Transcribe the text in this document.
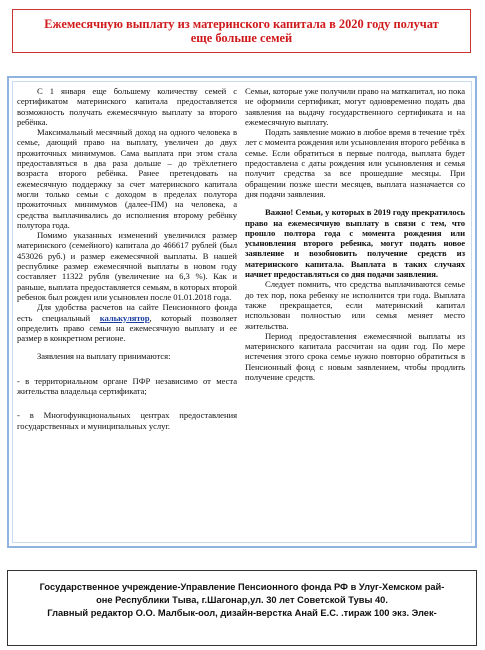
Ежемесячную выплату из материнского капитала в 2020 году получат
еще больше семей

С 1 января еще большему количеству семей с сертификатом материнского капитала предоставляется возможность получать ежемесячную выплату за второго ребёнка.

Максимальный месячный доход на одного человека в семье, дающий право на выплату, увеличен до двух прожиточных минимумов. Сама выплата при этом стала предоставляться в два раза дольше – до трёхлетнего возраста второго ребёнка. Ранее претендовать на ежемесячную поддержку за счет материнского капитала могли только семьи с доходом в пределах полутора прожиточных минимумов (далее-ПМ) на человека, а средства выплачивались до исполнения второму ребёнку полутора года.

Помимо указанных изменений увеличился размер материнского (семейного) капитала до 466617 рублей (был 453026 руб.) и размер ежемесячной выплаты. В нашей республике размер ежемесячной выплаты в новом году составляет 11322 рубля (увеличение на 6,3 %). Как и раньше, выплата предоставляется семьям, в которых второй ребенок был рожден или усыновлен после 01.01.2018 года.

Для удобства расчетов на сайте Пенсионного фонда есть специальный калькулятор, который позволяет определить право семьи на ежемесячную выплату и ее размер в конкретном регионе.

Заявления на выплату принимаются:

- в территориальном органе ПФР независимо от места жительства владельца сертификата;

- в Многофункциональных центрах предоставления государственных и муниципальных услуг.

Семьи, которые уже получили право на маткапитал, но пока не оформили сертификат, могут одновременно подать два заявления на выдачу государственного сертификата и на ежемесячную выплату.

Подать заявление можно в любое время в течение трёх лет с момента рождения или усыновления второго ребёнка в семье. Если обратиться в первые полгода, выплата будет предоставлена с даты рождения или усыновления и семья получит средства за все прошедшие месяцы. При обращении позже шести месяцев, выплата назначается со дня подачи заявления.

Важно! Семьи, у которых в 2019 году прекратилось право на ежемесячную выплату в связи с тем, что прошло полтора года с момента рождения или усыновления второго ребенка, могут подать новое заявление и возобновить получение средств из материнского капитала. Выплата в таких случаях начнет предоставляться со дня подачи заявления.

Следует помнить, что средства выплачиваются семье до тех пор, пока ребенку не исполнится три года. Выплата также прекращается, если материнский капитал использован полностью или семья меняет место жительства.

Период предоставления ежемесячной выплаты из материнского капитала рассчитан на один год. По мере истечения этого срока семье нужно повторно обратиться в Пенсионный фонд с новым заявлением, чтобы продлить получение средств.

Государственное учреждение-Управление Пенсионного фонда РФ в Улуг-Хемском рай-
оне Республики Тыва, г.Шагонар,ул. 30 лет Советской Тувы 40.
Главный редактор О.О. Малбык-оол, дизайн-верстка Анай Е.С. .тираж 100 экз. Элек-
